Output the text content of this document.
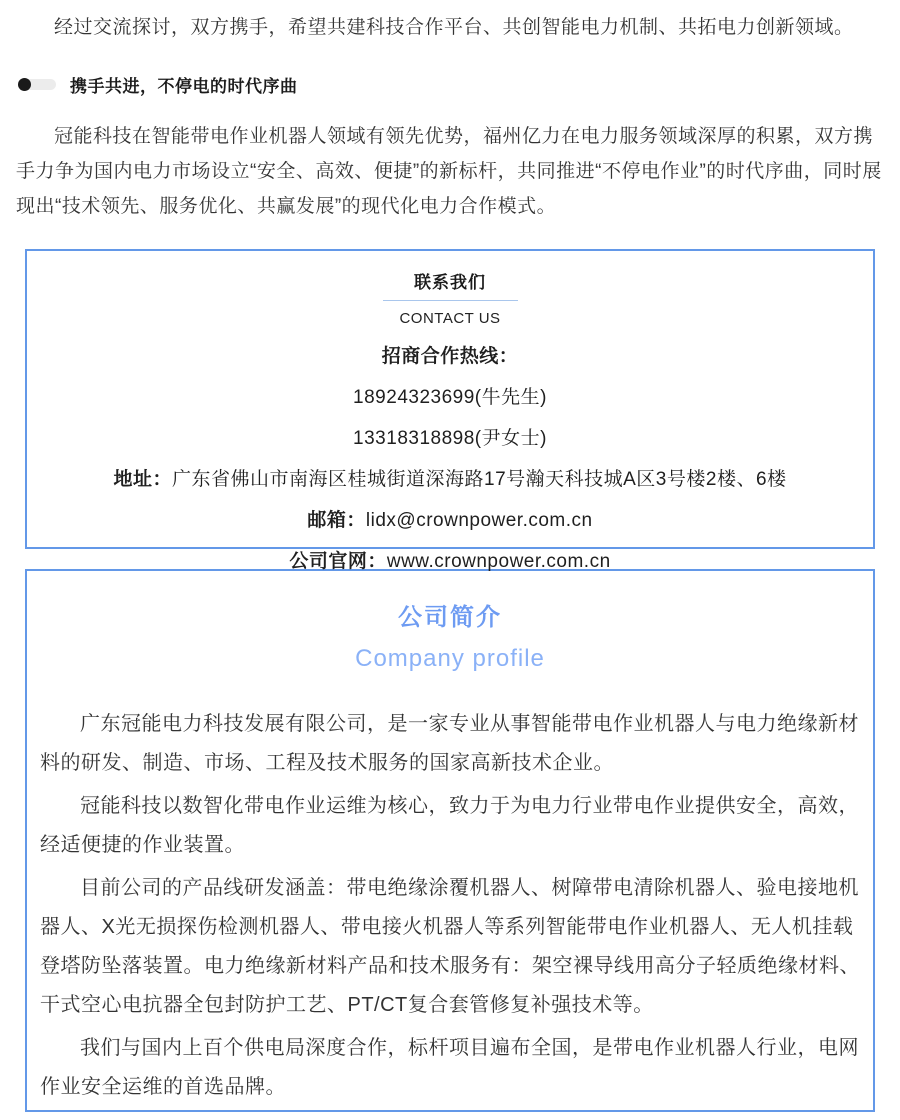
经过交流探讨，双方携手，希望共建科技合作平台、共创智能电力机制、共拓电力创新领域。

携手共进，不停电的时代序曲

冠能科技在智能带电作业机器人领域有领先优势，福州亿力在电力服务领域深厚的积累，双方携手力争为国内电力市场设立“安全、高效、便捷”的新标杆，共同推进“不停电作业”的时代序曲，同时展现出“技术领先、服务优化、共赢发展”的现代化电力合作模式。

联系我们
CONTACT US
招商合作热线：
18924323699(牛先生)
13318318898(尹女士)
地址：广东省佛山市南海区桂城街道深海路17号瀚天科技城A区3号楼2楼、6楼
邮箱：lidx@crownpower.com.cn
公司官网：www.crownpower.com.cn
公司简介
Company profile

广东冠能电力科技发展有限公司，是一家专业从事智能带电作业机器人与电力绝缘新材料的研发、制造、市场、工程及技术服务的国家高新技术企业。

冠能科技以数智化带电作业运维为核心，致力于为电力行业带电作业提供安全，高效，经适便捷的作业装置。

目前公司的产品线研发涵盖：带电绝缘涂覆机器人、树障带电清除机器人、验电接地机器人、X光无损探伤检测机器人、带电接火机器人等系列智能带电作业机器人、无人机挂载登塔防坠落装置。电力绝缘新材料产品和技术服务有：架空裸导线用高分子轻质绝缘材料、 干式空心电抗器全包封防护工艺、PT/CT复合套管修复补强技术等。

我们与国内上百个供电局深度合作，标杆项目遍布全国，是带电作业机器人行业，电网作业安全运维的首选品牌。
